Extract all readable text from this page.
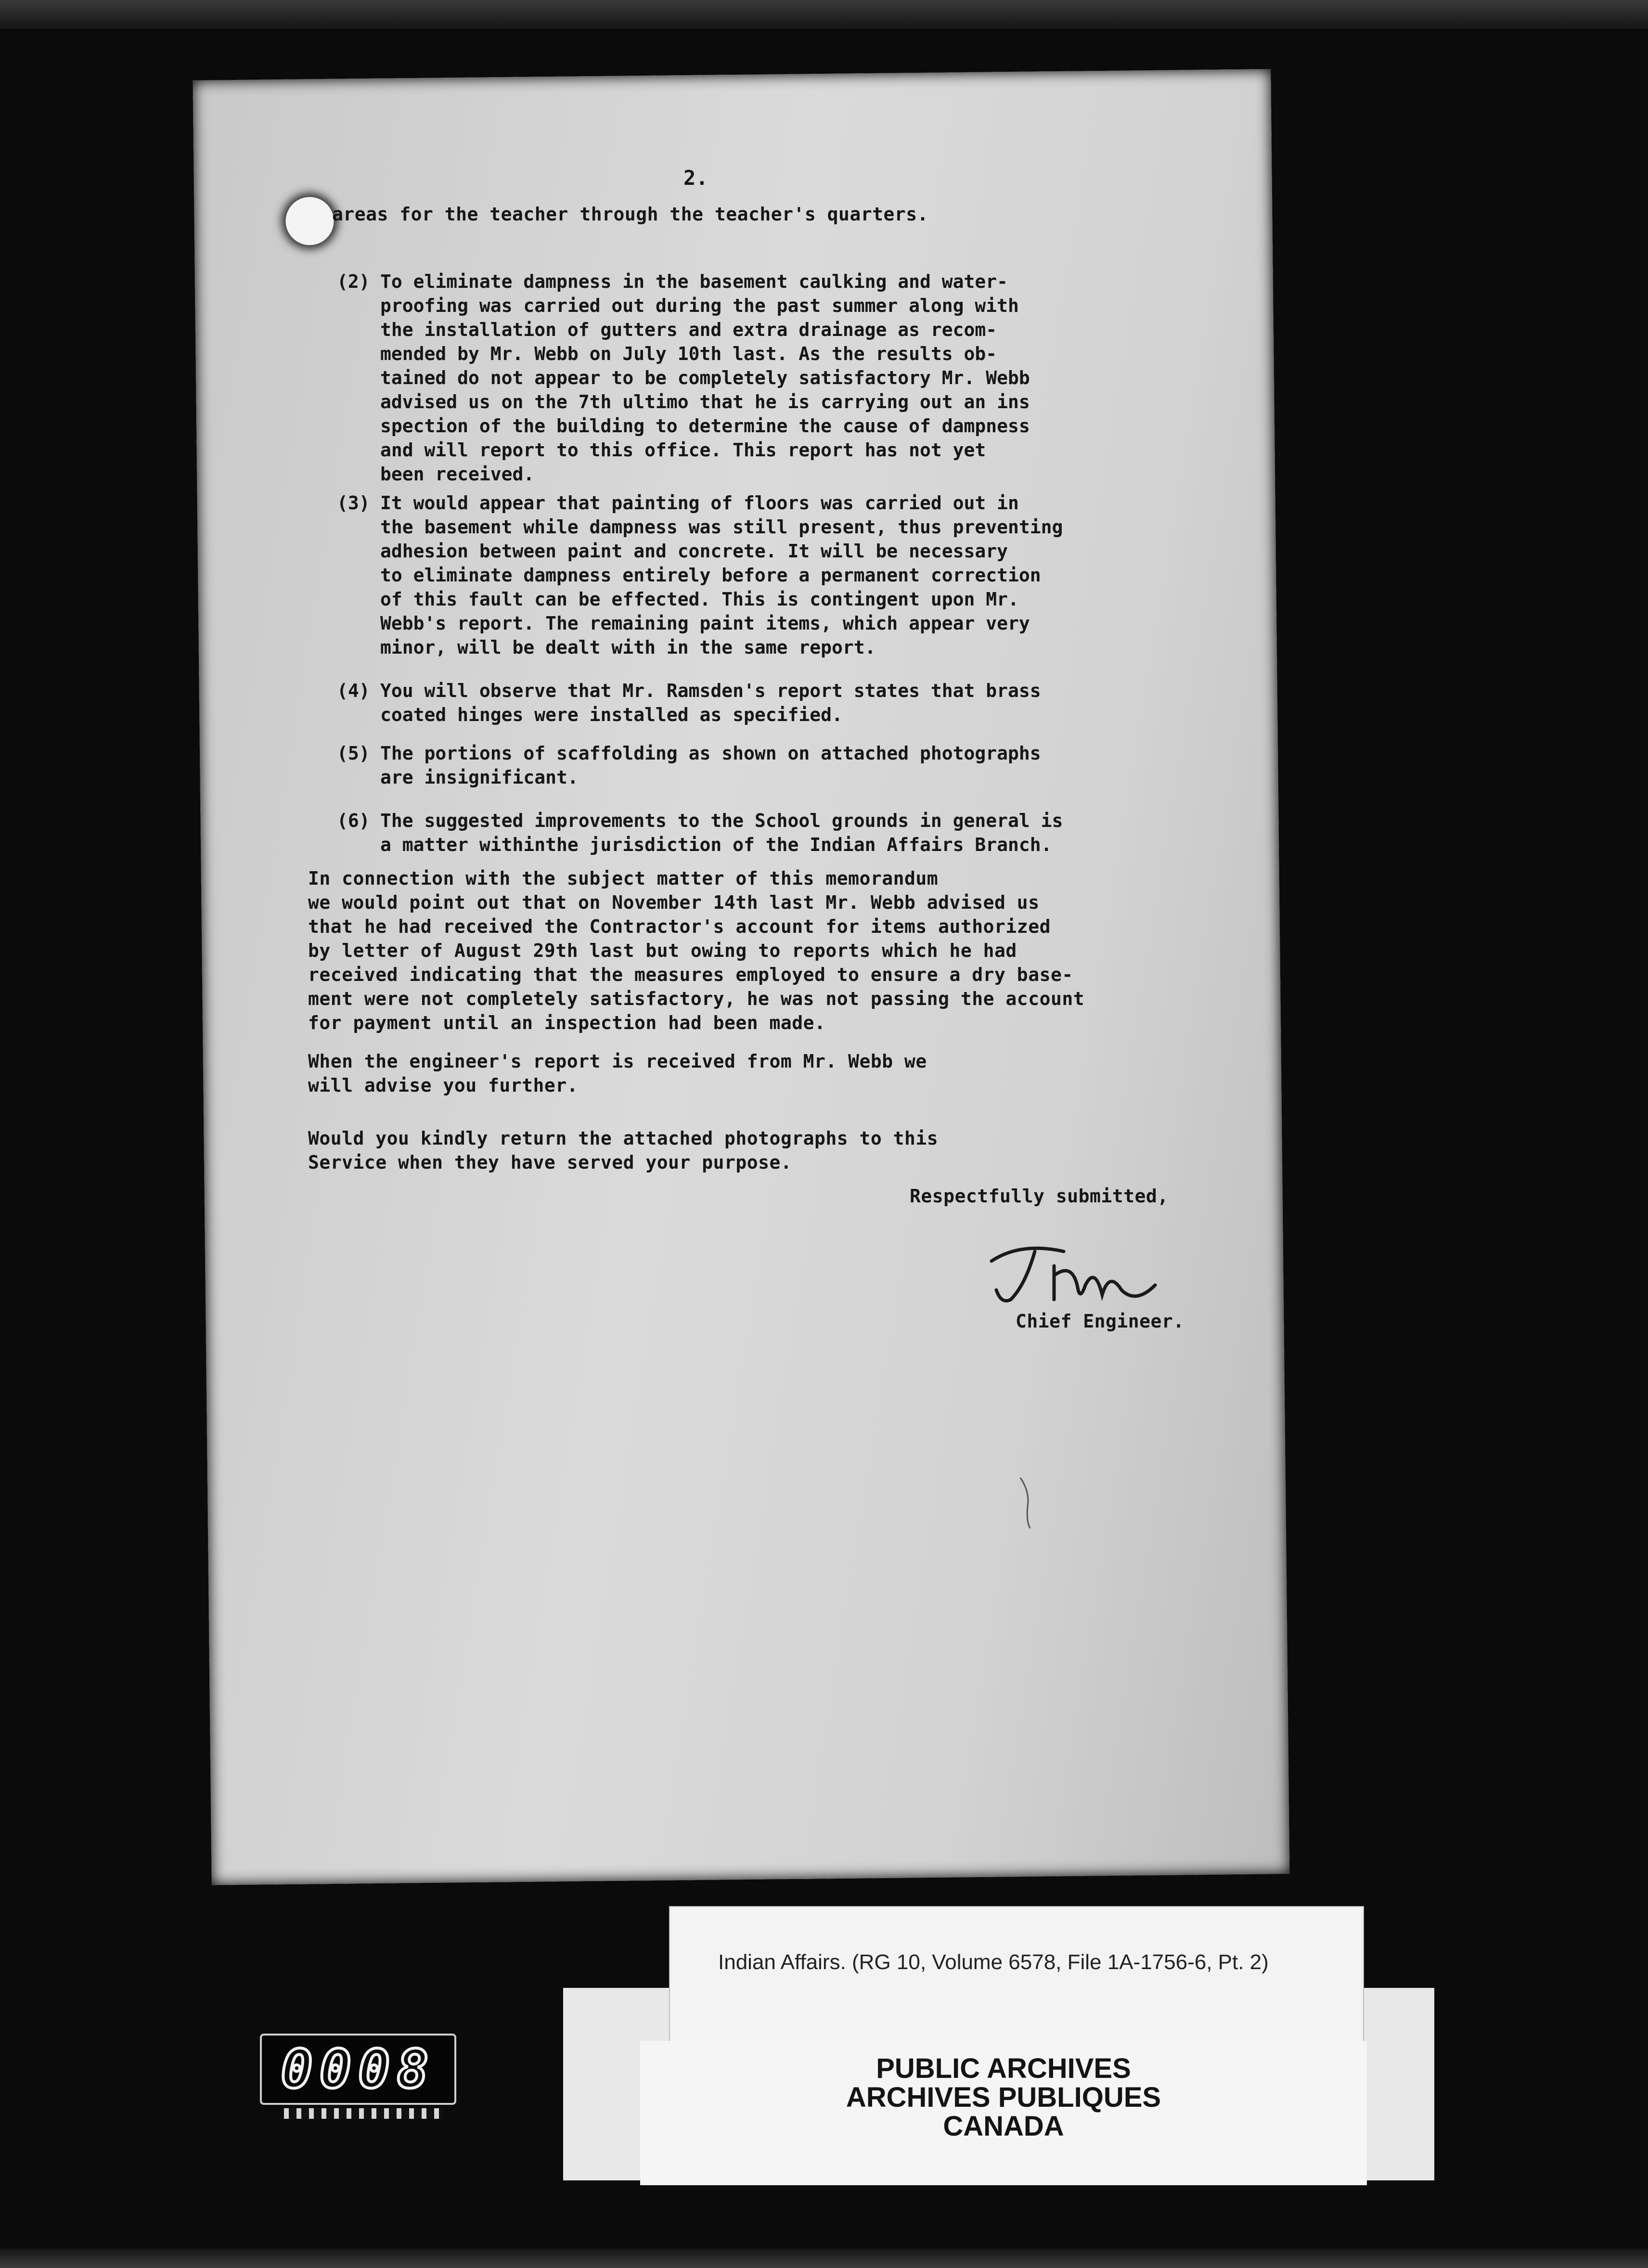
2.
areas for the teacher through the teacher's quarters.
(2) To eliminate dampness in the basement caulking and water-
proofing was carried out during the past summer along with
the installation of gutters and extra drainage as recom-
mended by Mr. Webb on July 10th last. As the results ob-
tained do not appear to be completely satisfactory Mr. Webb
advised us on the 7th ultimo that he is carrying out an ins
spection of the building to determine the cause of dampness
and will report to this office. This report has not yet
been received.
(3) It would appear that painting of floors was carried out in
the basement while dampness was still present, thus preventing
adhesion between paint and concrete. It will be necessary
to eliminate dampness entirely before a permanent correction
of this fault can be effected. This is contingent upon Mr.
Webb's report. The remaining paint items, which appear very
minor, will be dealt with in the same report.
(4) You will observe that Mr. Ramsden's report states that brass
coated hinges were installed as specified.
(5) The portions of scaffolding as shown on attached photographs
are insignificant.
(6) The suggested improvements to the School grounds in general is
a matter withinthe jurisdiction of the Indian Affairs Branch.
In connection with the subject matter of this memorandum
we would point out that on November 14th last Mr. Webb advised us
that he had received the Contractor's account for items authorized
by letter of August 29th last but owing to reports which he had
received indicating that the measures employed to ensure a dry base-
ment were not completely satisfactory, he was not passing the account
for payment until an inspection had been made.
When the engineer's report is received from Mr. Webb we
will advise you further.
Would you kindly return the attached photographs to this
Service when they have served your purpose.
Respectfully submitted,
Chief Engineer.
Indian Affairs. (RG 10, Volume 6578, File 1A-1756-6, Pt. 2)
PUBLIC ARCHIVES
ARCHIVES PUBLIQUES
CANADA
0008
